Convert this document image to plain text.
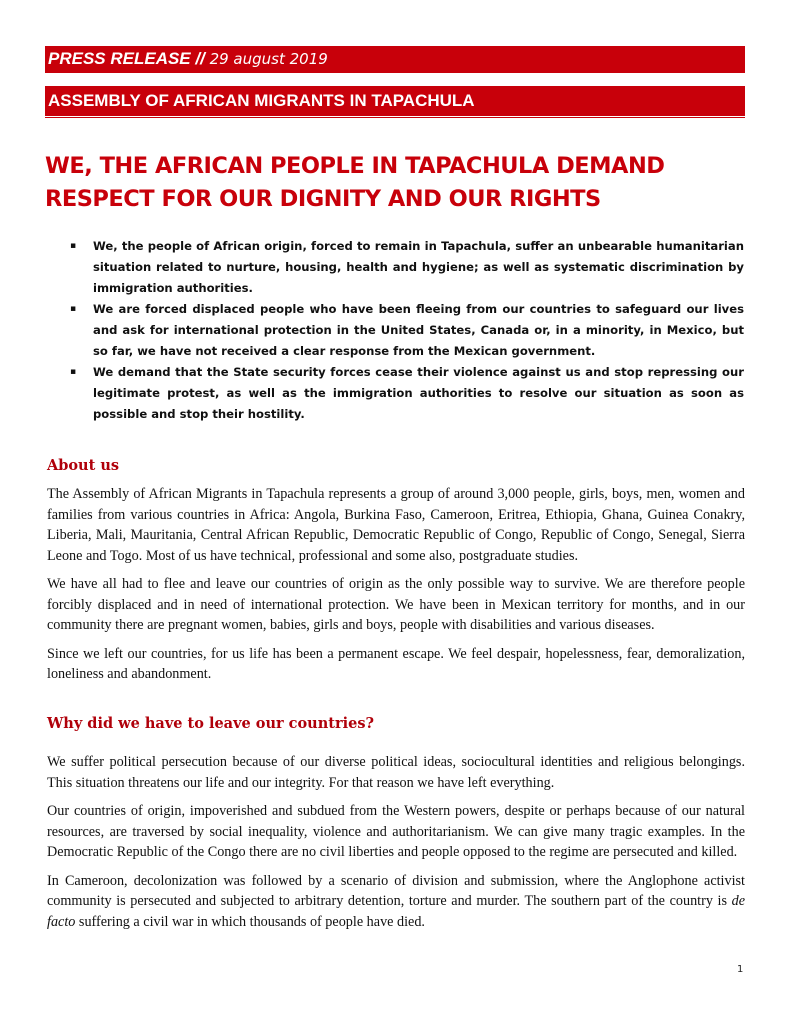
PRESS RELEASE // 29 august 2019
ASSEMBLY OF AFRICAN MIGRANTS IN TAPACHULA
WE, THE AFRICAN PEOPLE IN TAPACHULA DEMAND RESPECT FOR OUR DIGNITY AND OUR RIGHTS
▪ We, the people of African origin, forced to remain in Tapachula, suffer an unbearable humanitarian situation related to nurture, housing, health and hygiene; as well as systematic discrimination by immigration authorities.
▪ We are forced displaced people who have been fleeing from our countries to safeguard our lives and ask for international protection in the United States, Canada or, in a minority, in Mexico, but so far, we have not received a clear response from the Mexican government.
▪ We demand that the State security forces cease their violence against us and stop repressing our legitimate protest, as well as the immigration authorities to resolve our situation as soon as possible and stop their hostility.
About us

The Assembly of African Migrants in Tapachula represents a group of around 3,000 people, girls, boys, men, women and families from various countries in Africa: Angola, Burkina Faso, Cameroon, Eritrea, Ethiopia, Ghana, Guinea Conakry, Liberia, Mali, Mauritania, Central African Republic, Democratic Republic of Congo, Republic of Congo, Senegal, Sierra Leone and Togo. Most of us have technical, professional and some also, postgraduate studies.

We have all had to flee and leave our countries of origin as the only possible way to survive. We are therefore people forcibly displaced and in need of international protection. We have been in Mexican territory for months, and in our community there are pregnant women, babies, girls and boys, people with disabilities and various diseases.

Since we left our countries, for us life has been a permanent escape. We feel despair, hopelessness, fear, demoralization, loneliness and abandonment.

Why did we have to leave our countries?

We suffer political persecution because of our diverse political ideas, sociocultural identities and religious belongings. This situation threatens our life and our integrity. For that reason we have left everything.

Our countries of origin, impoverished and subdued from the Western powers, despite or perhaps because of our natural resources, are traversed by social inequality, violence and authoritarianism. We can give many tragic examples. In the Democratic Republic of the Congo there are no civil liberties and people opposed to the regime are persecuted and killed.

In Cameroon, decolonization was followed by a scenario of division and submission, where the Anglophone activist community is persecuted and subjected to arbitrary detention, torture and murder. The southern part of the country is de facto suffering a civil war in which thousands of people have died.

1
